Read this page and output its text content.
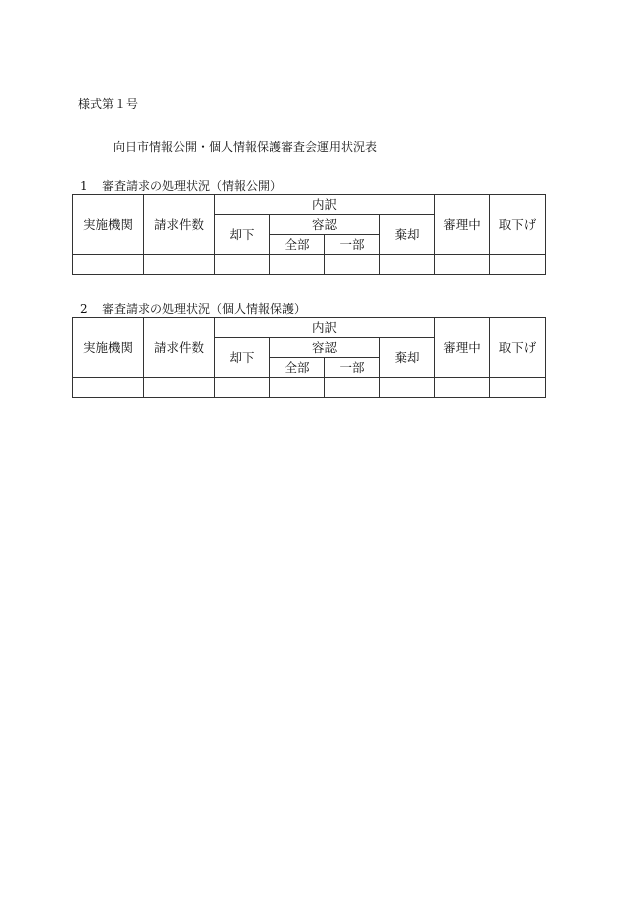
様式第１号
向日市情報公開・個人情報保護審査会運用状況表
1 審査請求の処理状況（情報公開）
実施機関	請求件数	内訳				審理中	取下げ
		却下	容認		棄却		
			全部	一部			

2 審査請求の処理状況（個人情報保護）
実施機関	請求件数	内訳				審理中	取下げ
		却下	容認		棄却		
			全部	一部			
